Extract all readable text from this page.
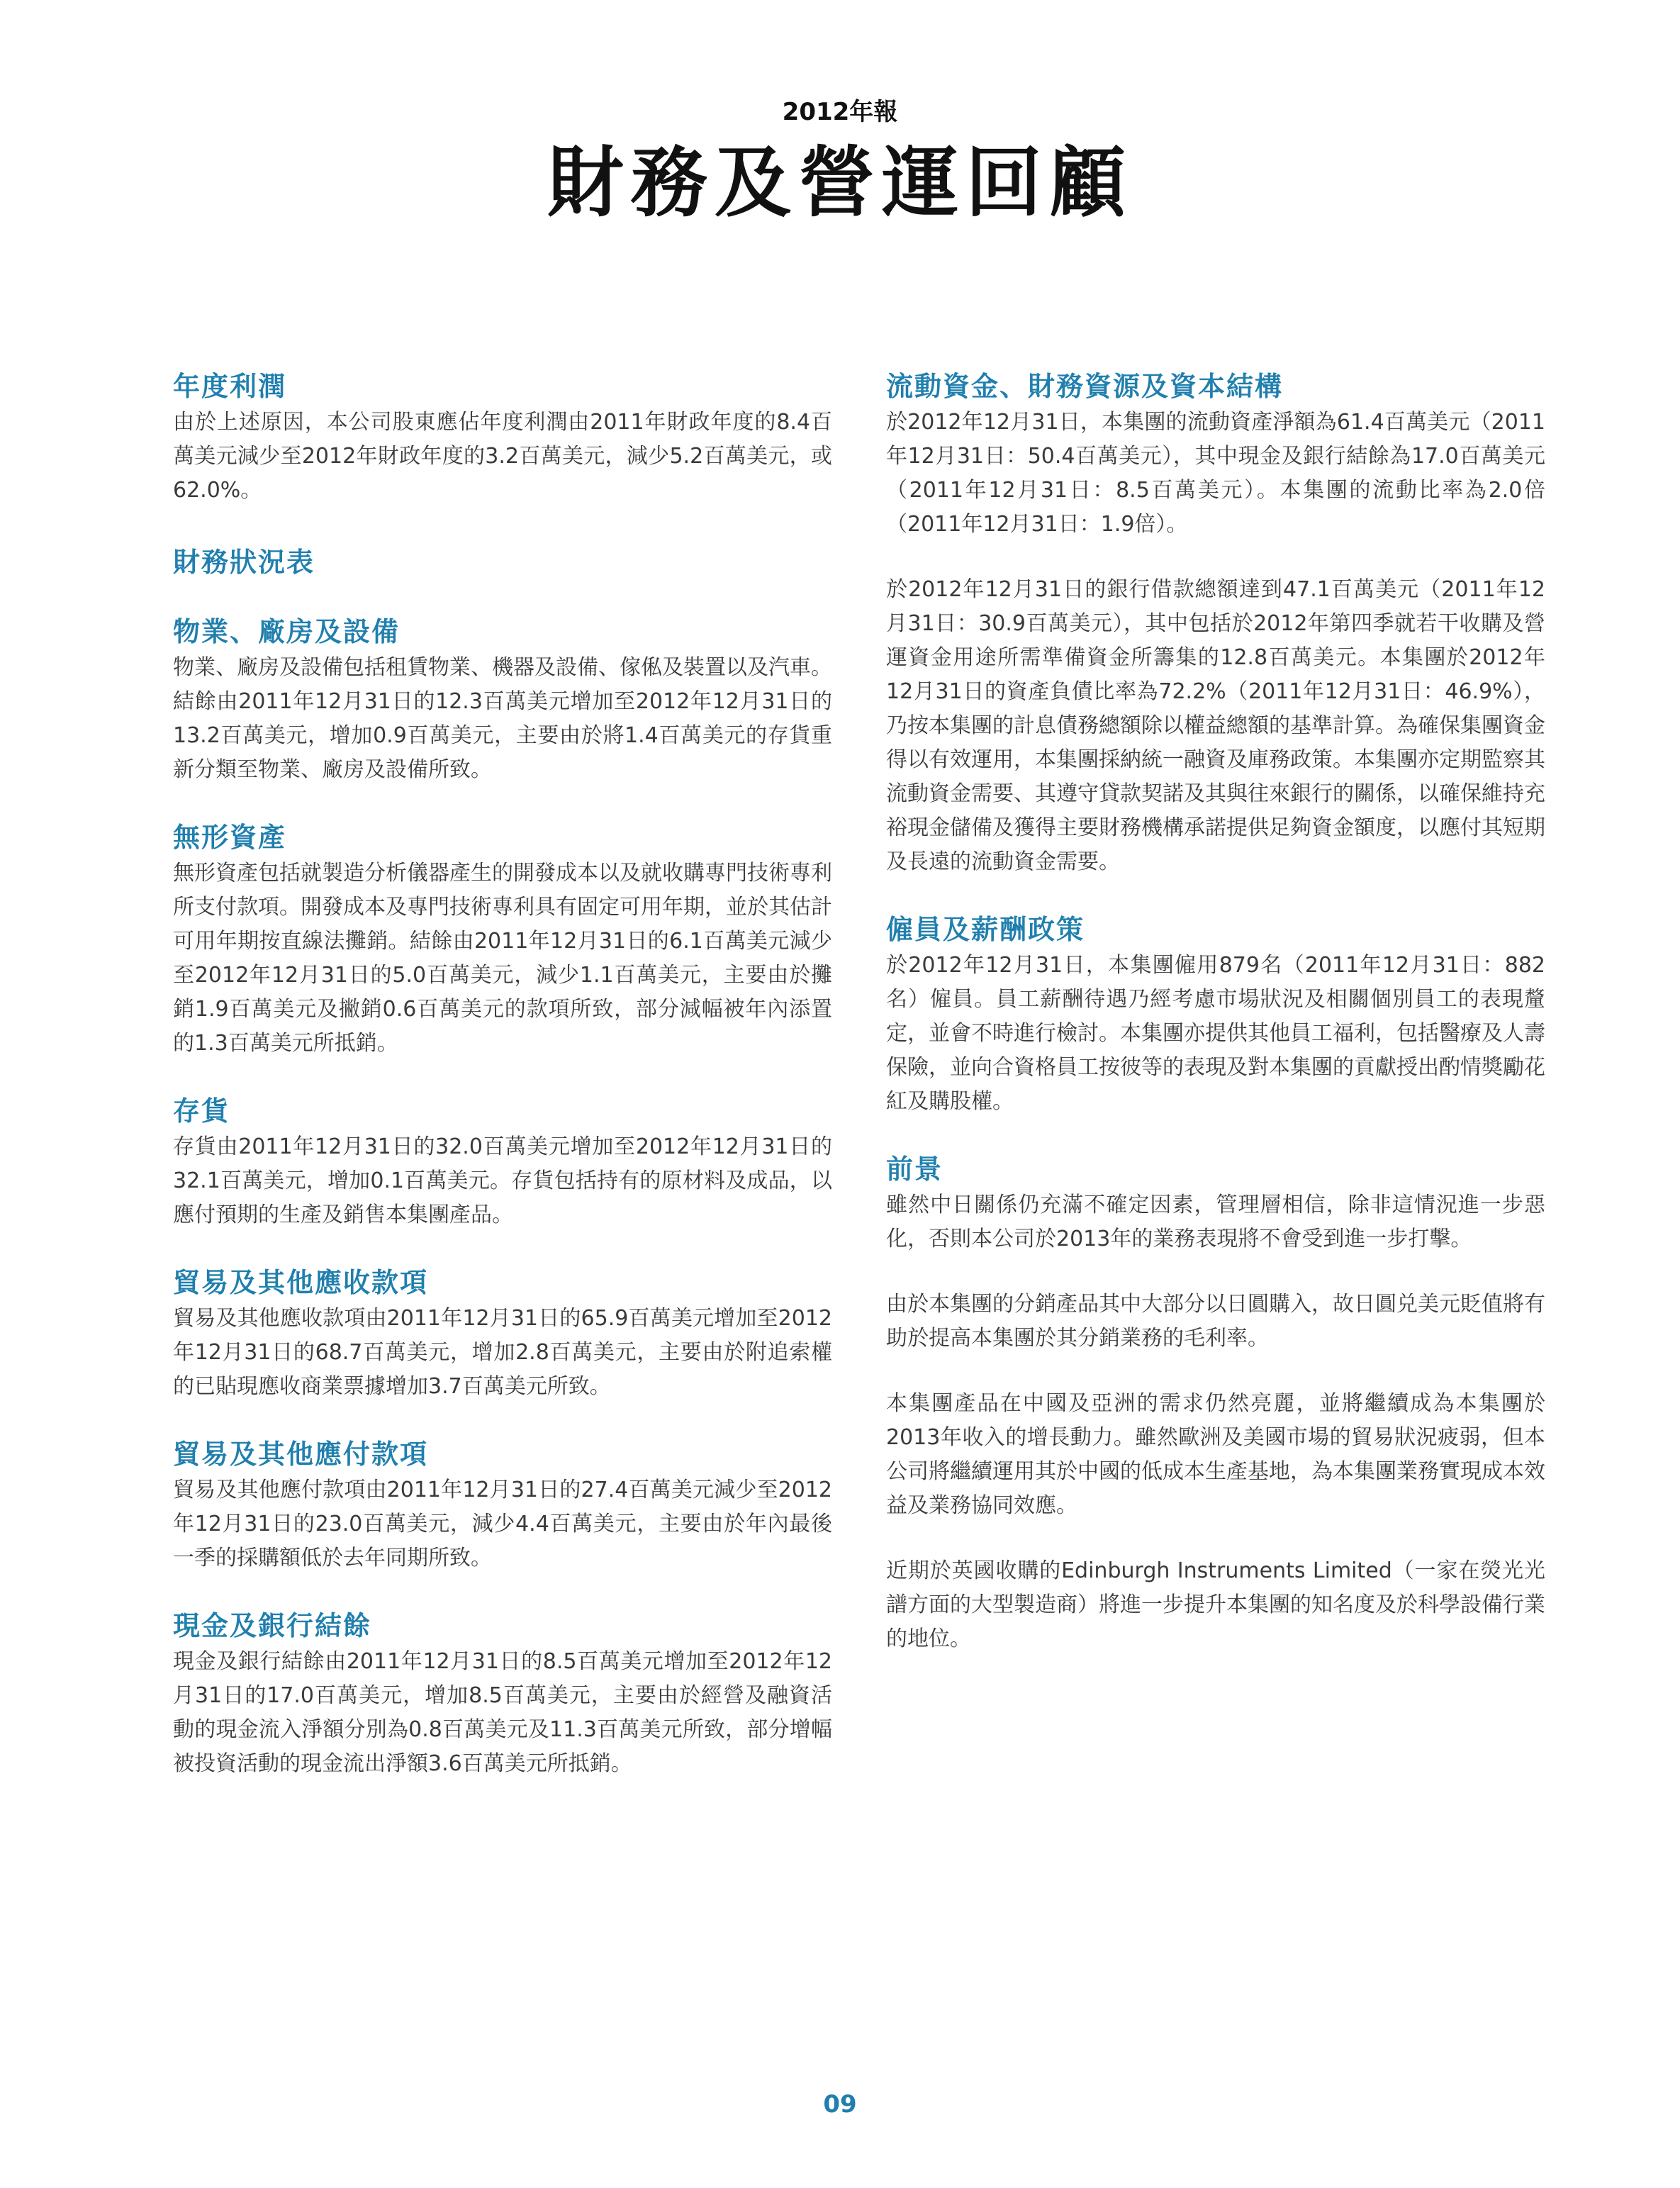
2012年報
財務及營運回顧
年度利潤

由於上述原因，本公司股東應佔年度利潤由2011年財政年度的8.4百萬美元減少至2012年財政年度的3.2百萬美元，減少5.2百萬美元，或62.0%。

財務狀況表
物業、廠房及設備

物業、廠房及設備包括租賃物業、機器及設備、傢俬及裝置以及汽車。結餘由2011年12月31日的12.3百萬美元增加至2012年12月31日的13.2百萬美元，增加0.9百萬美元，主要由於將1.4百萬美元的存貨重新分類至物業、廠房及設備所致。

無形資產

無形資產包括就製造分析儀器產生的開發成本以及就收購專門技術專利所支付款項。開發成本及專門技術專利具有固定可用年期，並於其估計可用年期按直線法攤銷。結餘由2011年12月31日的6.1百萬美元減少至2012年12月31日的5.0百萬美元，減少1.1百萬美元，主要由於攤銷1.9百萬美元及撇銷0.6百萬美元的款項所致，部分減幅被年內添置的1.3百萬美元所抵銷。

存貨

存貨由2011年12月31日的32.0百萬美元增加至2012年12月31日的32.1百萬美元，增加0.1百萬美元。存貨包括持有的原材料及成品，以應付預期的生產及銷售本集團產品。

貿易及其他應收款項

貿易及其他應收款項由2011年12月31日的65.9百萬美元增加至2012年12月31日的68.7百萬美元，增加2.8百萬美元，主要由於附追索權的已貼現應收商業票據增加3.7百萬美元所致。

貿易及其他應付款項

貿易及其他應付款項由2011年12月31日的27.4百萬美元減少至2012年12月31日的23.0百萬美元，減少4.4百萬美元，主要由於年內最後一季的採購額低於去年同期所致。

現金及銀行結餘

現金及銀行結餘由2011年12月31日的8.5百萬美元增加至2012年12月31日的17.0百萬美元，增加8.5百萬美元，主要由於經營及融資活動的現金流入淨額分別為0.8百萬美元及11.3百萬美元所致，部分增幅被投資活動的現金流出淨額3.6百萬美元所抵銷。

流動資金、財務資源及資本結構

於2012年12月31日，本集團的流動資產淨額為61.4百萬美元（2011年12月31日：50.4百萬美元），其中現金及銀行結餘為17.0百萬美元（2011年12月31日：8.5百萬美元）。本集團的流動比率為2.0倍（2011年12月31日：1.9倍）。

於2012年12月31日的銀行借款總額達到47.1百萬美元（2011年12月31日：30.9百萬美元），其中包括於2012年第四季就若干收購及營運資金用途所需準備資金所籌集的12.8百萬美元。本集團於2012年12月31日的資產負債比率為72.2%（2011年12月31日：46.9%），乃按本集團的計息債務總額除以權益總額的基準計算。為確保集團資金得以有效運用，本集團採納統一融資及庫務政策。本集團亦定期監察其流動資金需要、其遵守貸款契諾及其與往來銀行的關係，以確保維持充裕現金儲備及獲得主要財務機構承諾提供足夠資金額度，以應付其短期及長遠的流動資金需要。

僱員及薪酬政策

於2012年12月31日，本集團僱用879名（2011年12月31日：882名）僱員。員工薪酬待遇乃經考慮市場狀況及相關個別員工的表現釐定，並會不時進行檢討。本集團亦提供其他員工福利，包括醫療及人壽保險，並向合資格員工按彼等的表現及對本集團的貢獻授出酌情獎勵花紅及購股權。

前景

雖然中日關係仍充滿不確定因素，管理層相信，除非這情況進一步惡化，否則本公司於2013年的業務表現將不會受到進一步打擊。

由於本集團的分銷產品其中大部分以日圓購入，故日圓兑美元貶值將有助於提高本集團於其分銷業務的毛利率。

本集團產品在中國及亞洲的需求仍然亮麗，並將繼續成為本集團於2013年收入的增長動力。雖然歐洲及美國市場的貿易狀況疲弱，但本公司將繼續運用其於中國的低成本生產基地，為本集團業務實現成本效益及業務協同效應。

近期於英國收購的Edinburgh Instruments Limited（一家在熒光光譜方面的大型製造商）將進一步提升本集團的知名度及於科學設備行業的地位。

09
